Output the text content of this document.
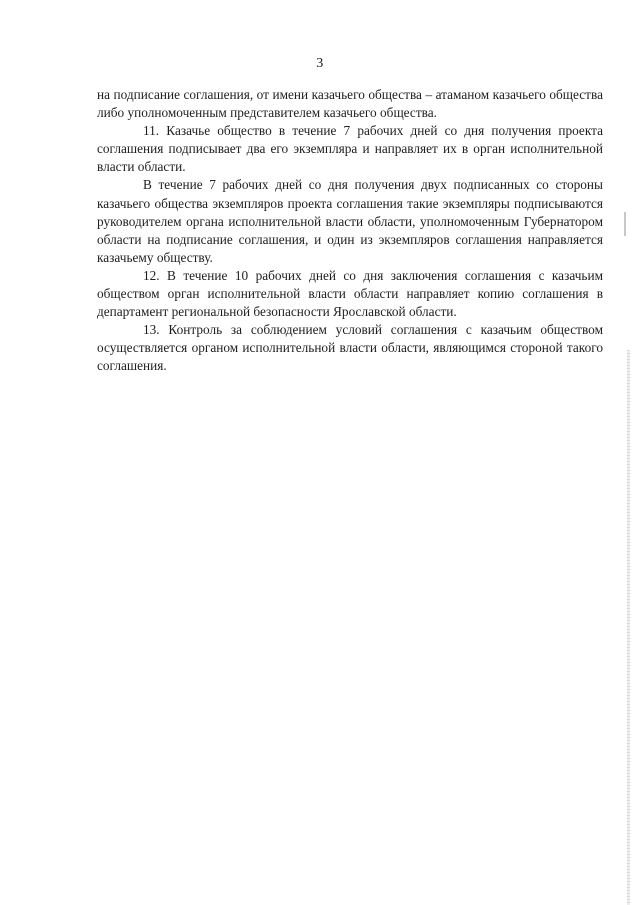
3

на подписание соглашения, от имени казачьего общества – атаманом казачьего общества либо уполномоченным представителем казачьего общества.

11. Казачье общество в течение 7 рабочих дней со дня получения проекта соглашения подписывает два его экземпляра и направляет их в орган исполнительной власти области.

В течение 7 рабочих дней со дня получения двух подписанных со стороны казачьего общества экземпляров проекта соглашения такие экземпляры подписываются руководителем органа исполнительной власти области, уполномоченным Губернатором области на подписание соглашения, и один из экземпляров соглашения направляется казачьему обществу.

12. В течение 10 рабочих дней со дня заключения соглашения с казачьим обществом орган исполнительной власти области направляет копию соглашения в департамент региональной безопасности Ярославской области.

13. Контроль за соблюдением условий соглашения с казачьим обществом осуществляется органом исполнительной власти области, являющимся стороной такого соглашения.
